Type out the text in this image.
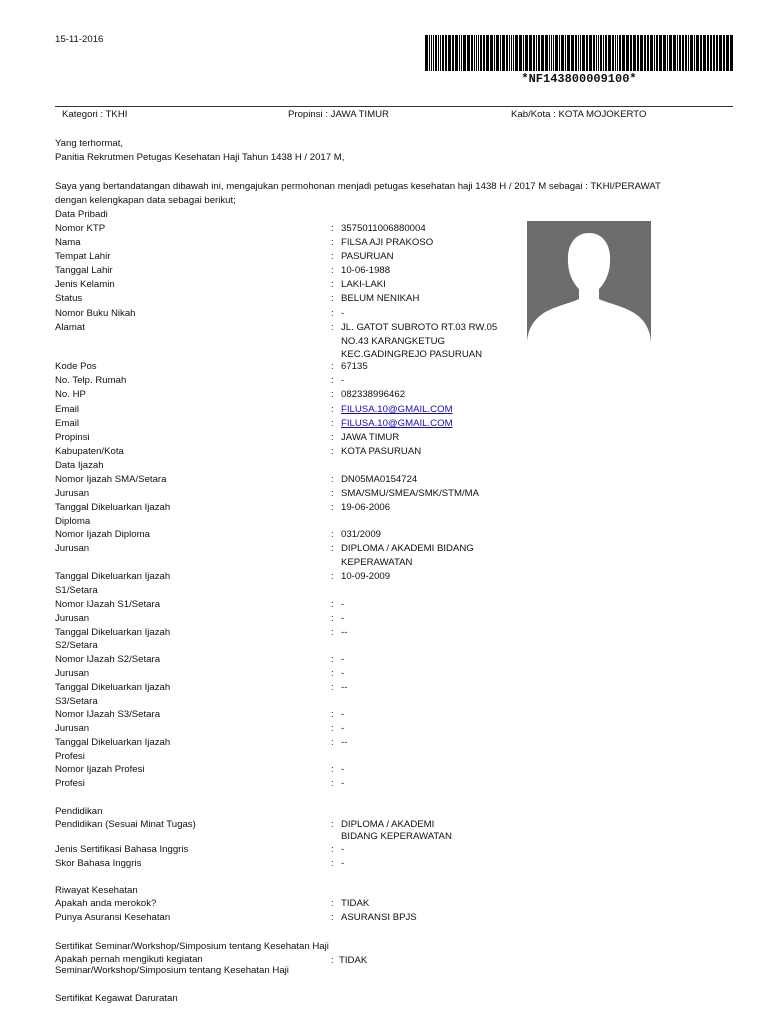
15-11-2016
*NF143800009100*
Kategori : TKHI	Propinsi : JAWA TIMUR	Kab/Kota : KOTA MOJOKERTO
Yang terhormat,
Panitia Rekrutmen Petugas Kesehatan Haji Tahun 1438 H / 2017 M,
Saya yang bertandatangan dibawah ini, mengajukan permohonan menjadi petugas kesehatan haji 1438 H / 2017 M sebagai : TKHI/PERAWAT
dengan kelengkapan data sebagai berikut;
Data Pribadi
Nomor KTP	: 3575011006880004
Nama	: FILSA AJI PRAKOSO
Tempat Lahir	: PASURUAN
Tanggal Lahir	: 10-06-1988
Jenis Kelamin	: LAKI-LAKI
Status	: BELUM NENIKAH
Nomor Buku Nikah	: -
Alamat	: JL. GATOT SUBROTO RT.03 RW.05
NO.43 KARANGKETUG
KEC.GADINGREJO PASURUAN
Kode Pos	: 67135
No. Telp. Rumah	: -
No. HP	: 082338996462
Email	: FILUSA.10@GMAIL.COM
Email	: FILUSA.10@GMAIL.COM
Propinsi	: JAWA TIMUR
Kabupaten/Kota	: KOTA PASURUAN
Data Ijazah
Nomor Ijazah SMA/Setara	: DN05MA0154724
Jurusan	: SMA/SMU/SMEA/SMK/STM/MA
Tanggal Dikeluarkan Ijazah	: 19-06-2006
Diploma
Nomor Ijazah Diploma	: 031/2009
Jurusan	: DIPLOMA / AKADEMI BIDANG
KEPERAWATAN
Tanggal Dikeluarkan Ijazah	: 10-09-2009
S1/Setara
Nomor IJazah S1/Setara	: -
Jurusan	: -
Tanggal Dikeluarkan Ijazah	: --
S2/Setara
Nomor IJazah S2/Setara	: -
Jurusan	: -
Tanggal Dikeluarkan Ijazah	: --
S3/Setara
Nomor IJazah S3/Setara	: -
Jurusan	: -
Tanggal Dikeluarkan Ijazah	: --
Profesi
Nomor Ijazah Profesi	: -
Profesi	: -
Pendidikan
Pendidikan (Sesuai Minat Tugas)	: DIPLOMA / AKADEMI
BIDANG KEPERAWATAN
Jenis Sertifikasi Bahasa Inggris	: -
Skor Bahasa Inggris	: -
Riwayat Kesehatan
Apakah anda merokok?	: TIDAK
Punya Asuransi Kesehatan	: ASURANSI BPJS
Sertifikat Seminar/Workshop/Simposium tentang Kesehatan Haji
Apakah pernah mengikuti kegiatan
Seminar/Workshop/Simposium tentang Kesehatan Haji
: TIDAK
Sertifikat Kegawat Daruratan
